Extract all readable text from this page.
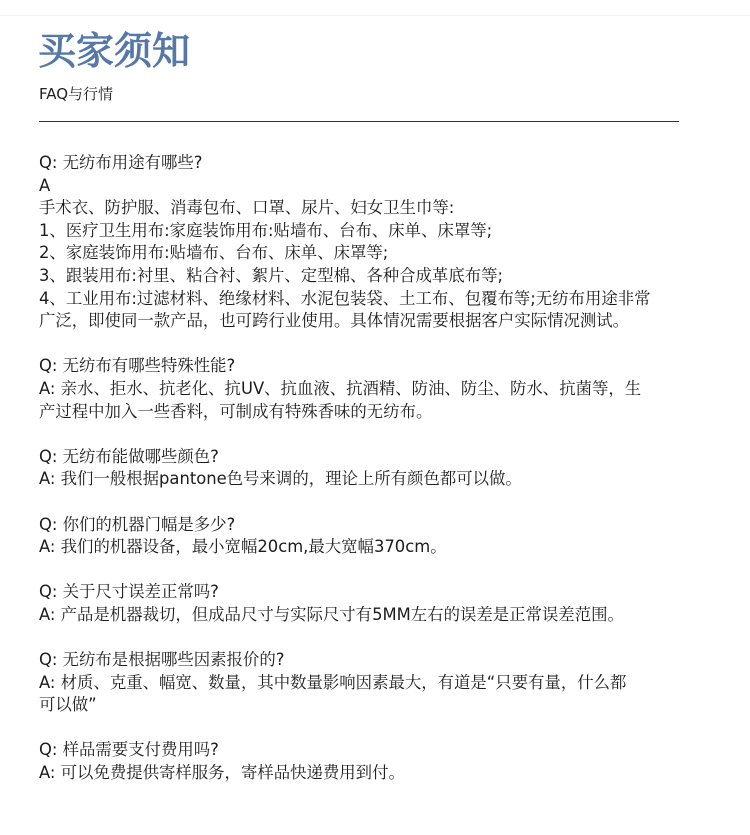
买家须知
FAQ与行情
Q: 无纺布用途有哪些?
A
手术衣、防护服、消毒包布、口罩、尿片、妇女卫生巾等:
1、医疗卫生用布:家庭装饰用布:贴墙布、台布、床单、床罩等;
2、家庭装饰用布:贴墙布、台布、床单、床罩等;
3、跟装用布:衬里、粘合衬、絮片、定型棉、各种合成革底布等;
4、工业用布:过滤材料、绝缘材料、水泥包装袋、土工布、包覆布等;无纺布用途非常
广泛，即使同一款产品，也可跨行业使用。具体情况需要根据客户实际情况测试。
Q: 无纺布有哪些特殊性能?
A: 亲水、拒水、抗老化、抗UV、抗血液、抗酒精、防油、防尘、防水、抗菌等，生
产过程中加入一些香料，可制成有特殊香味的无纺布。
Q: 无纺布能做哪些颜色?
A: 我们一般根据pantone色号来调的，理论上所有颜色都可以做。
Q: 你们的机器门幅是多少?
A: 我们的机器设备，最小宽幅20cm,最大宽幅370cm。
Q: 关于尺寸误差正常吗?
A: 产品是机器裁切，但成品尺寸与实际尺寸有5MM左右的误差是正常误差范围。
Q: 无纺布是根据哪些因素报价的?
A: 材质、克重、幅宽、数量，其中数量影响因素最大，有道是“只要有量，什么都
可以做”
Q: 样品需要支付费用吗?
A: 可以免费提供寄样服务，寄样品快递费用到付。
